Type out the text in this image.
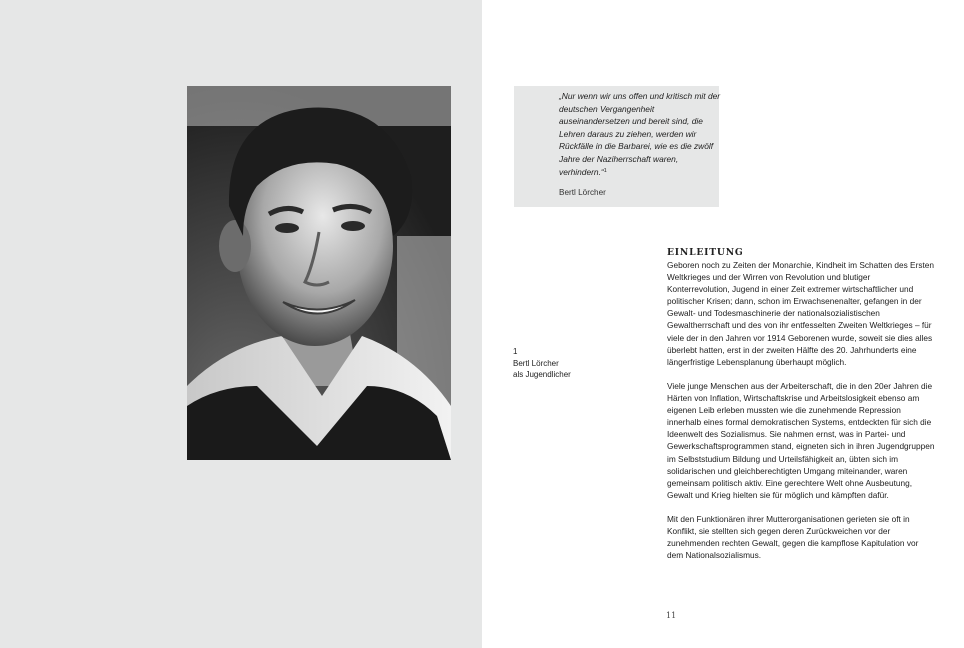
„Nur wenn wir uns offen und kritisch mit der deutschen Vergangenheit auseinandersetzen und bereit sind, die Lehren daraus zu ziehen, werden wir Rückfälle in die Barbarei, wie es die zwölf Jahre der Naziherrschaft waren, verhindern.“$^1$
Bertl Lörcher
1
Bertl Lörcher
als Jugendlicher
EINLEITUNG

Geboren noch zu Zeiten der Monarchie, Kindheit im Schatten des Ersten Weltkrieges und der Wirren von Revolution und blutiger Konterrevolution, Jugend in einer Zeit extremer wirtschaftlicher und politischer Krisen; dann, schon im Erwachsenenalter, gefangen in der Gewalt- und Todesmaschinerie der nationalsozialistischen Gewaltherrschaft und des von ihr entfesselten Zweiten Weltkrieges – für viele der in den Jahren vor 1914 Geborenen wurde, soweit sie dies alles überlebt hatten, erst in der zweiten Hälfte des 20. Jahrhunderts eine längerfristige Lebensplanung überhaupt möglich.

Viele junge Menschen aus der Arbeiterschaft, die in den 20er Jahren die Härten von Inflation, Wirtschaftskrise und Arbeitslosigkeit ebenso am eigenen Leib erleben mussten wie die zunehmende Repression innerhalb eines formal demokratischen Systems, entdeckten für sich die Ideenwelt des Sozialismus. Sie nahmen ernst, was in Partei- und Gewerkschaftsprogrammen stand, eigneten sich in ihren Jugendgruppen im Selbststudium Bildung und Urteilsfähigkeit an, übten sich im solidarischen und gleichberechtigten Umgang miteinander, waren gemeinsam politisch aktiv. Eine gerechtere Welt ohne Ausbeutung, Gewalt und Krieg hielten sie für möglich und kämpften dafür.

Mit den Funktionären ihrer Mutterorganisationen gerieten sie oft in Konflikt, sie stellten sich gegen deren Zurückweichen vor der zunehmenden rechten Gewalt, gegen die kampflose Kapitulation vor dem Nationalsozialismus.

11
